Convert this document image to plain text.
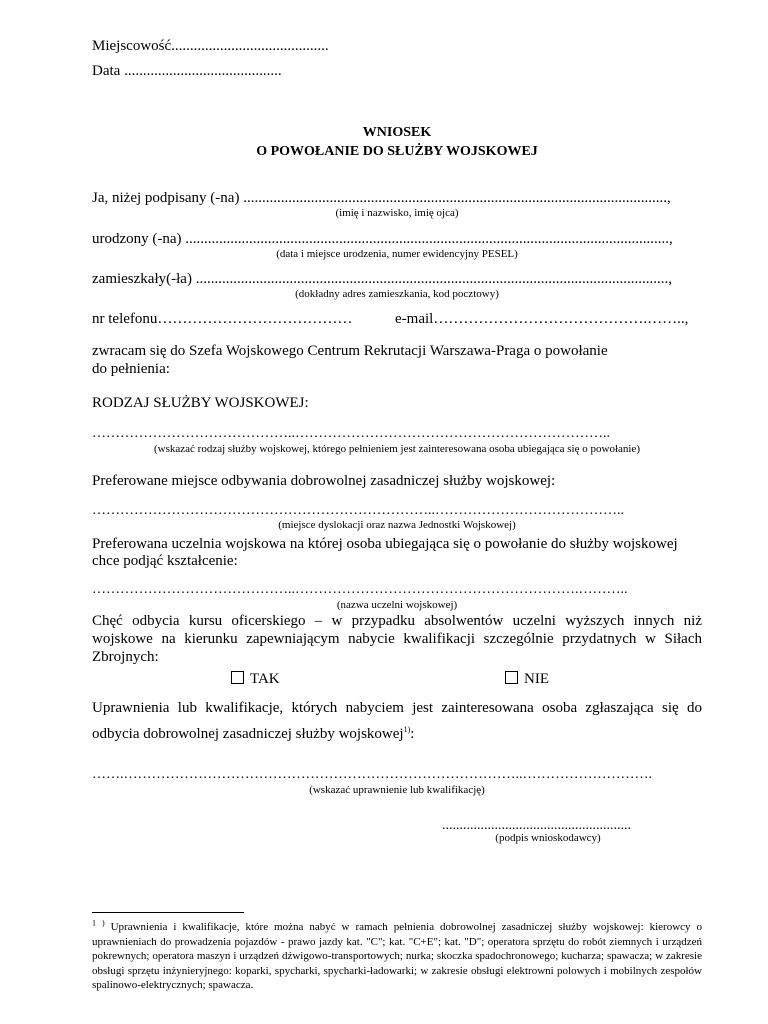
Miejscowość..........................................
Data ..........................................
WNIOSEK
O POWOŁANIE DO SŁUŻBY WOJSKOWEJ
Ja, niżej podpisany (-na) .................................................................................................................,
(imię i nazwisko, imię ojca)
urodzony (-na) .................................................................................................................................,
(data i miejsce urodzenia, numer ewidencyjny PESEL)
zamieszkały(-ła) ..............................................................................................................................,
(dokładny adres zamieszkania, kod pocztowy)
nr telefonu…………………………………	e-mail…………………………………….……..,
zwracam się do Szefa Wojskowego Centrum Rekrutacji Warszawa-Praga o powołanie
do pełnienia:
RODZAJ SŁUŻBY WOJSKOWEJ:
……………………………………..…………………………………………………………..
(wskazać rodzaj służby wojskowej, którego pełnieniem jest zainteresowana osoba ubiegająca się o powołanie)
Preferowane miejsce odbywania dobrowolnej zasadniczej służby wojskowej:
………………………………………………………………..…………………………………..
(miejsce dyslokacji oraz nazwa Jednostki Wojskowej)
Preferowana uczelnia wojskowa na której osoba ubiegająca się o powołanie do służby wojskowej
chce podjąć kształcenie:
……………………………………..…………………………………………………….………..
(nazwa uczelni wojskowej)
Chęć odbycia kursu oficerskiego – w przypadku absolwentów uczelni wyższych innych niż wojskowe na kierunku zapewniającym nabycie kwalifikacji szczególnie przydatnych w Siłach Zbrojnych:
TAK	NIE
Uprawnienia lub kwalifikacje, których nabyciem jest zainteresowana osoba zgłaszająca się do
odbycia dobrowolnej zasadniczej służby wojskowej$^{1)}$:
…….…………………………………………………………………………..……………………….
(wskazać uprawnienie lub kwalifikację)
......................................................
(podpis wnioskodawcy)
$^1$ ) Uprawnienia i kwalifikacje, które można nabyć w ramach pełnienia dobrowolnej zasadniczej służby wojskowej: kierowcy o uprawnieniach do prowadzenia pojazdów - prawo jazdy kat. "C"; kat. "C+E"; kat. "D"; operatora sprzętu do robót ziemnych i urządzeń pokrewnych; operatora maszyn i urządzeń dźwigowo-transportowych; nurka; skoczka spadochronowego; kucharza; spawacza; w zakresie obsługi sprzętu inżynieryjnego: koparki, spycharki, spycharki-ładowarki; w zakresie obsługi elektrowni polowych i mobilnych zespołów spalinowo-elektrycznych; spawacza.
